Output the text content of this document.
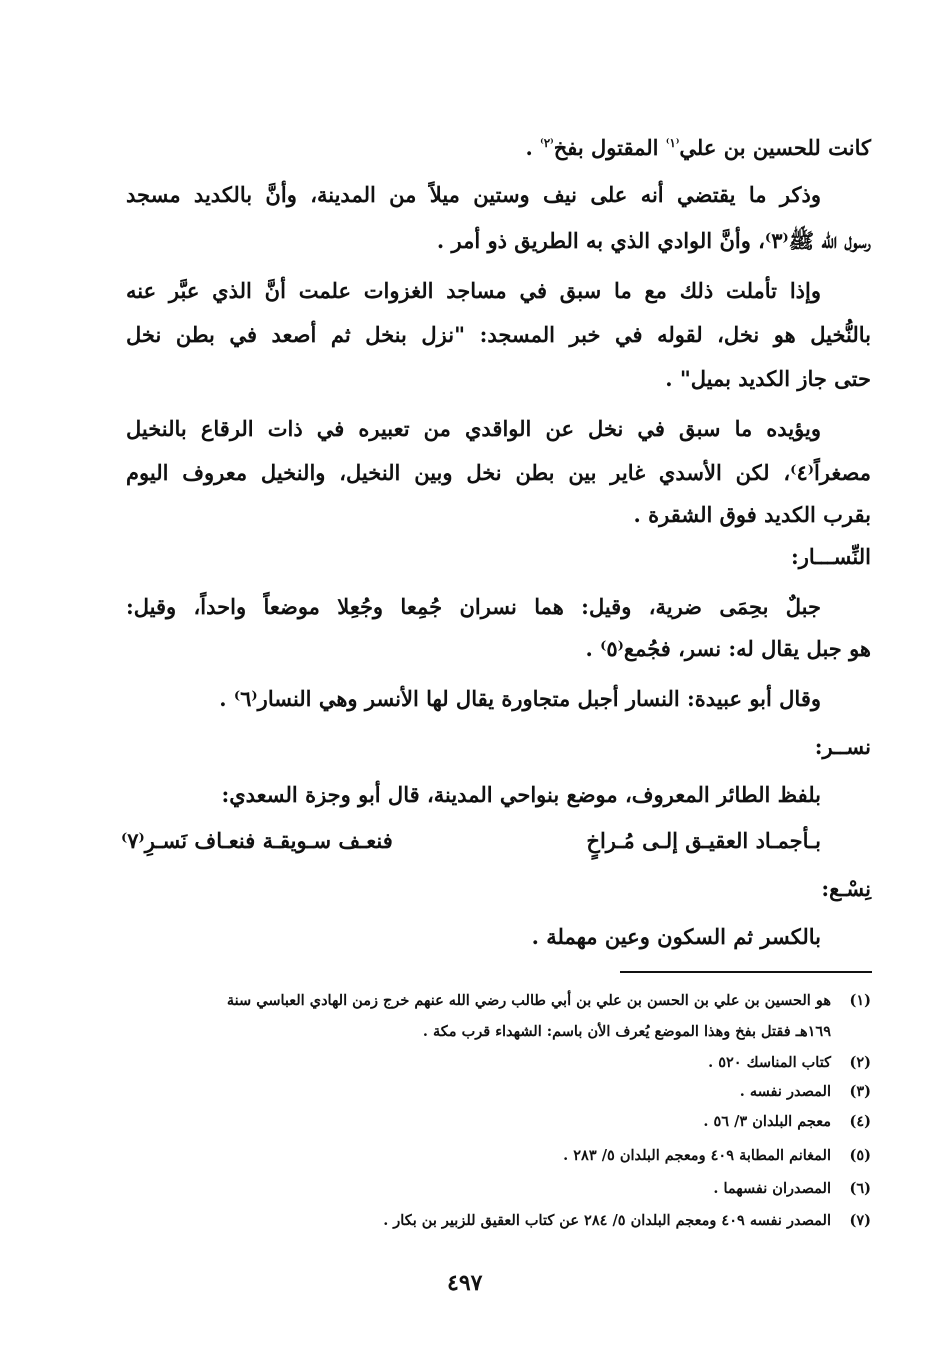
كانت للحسين بن علي$^{^(١^)}$ المقتول بفخ$^{^(٢^)}$ .
وذكر ما يقتضي أنه على نيف وستين ميلاً من المدينة، وأنَّ بالكديد مسجد
رسول الله ﷺ⁽٣⁾، وأنَّ الوادي الذي به الطريق ذو أمر .
وإذا تأملت ذلك مع ما سبق في مساجد الغزوات علمت أنَّ الذي عبَّر عنه
بالنُّخيل هو نخل، لقوله في خبر المسجد: "نزل بنخل ثم أصعد في بطن نخل
حتى جاز الكديد بميل" .
ويؤيده ما سبق في نخل عن الواقدي من تعبيره في ذات الرقاع بالنخيل
مصغراً⁽٤⁾، لكن الأسدي غاير بين بطن نخل وبين النخيل، والنخيل معروف اليوم
بقرب الكديد فوق الشقرة .
النِّســـار:
جبلٌ بحِمَى ضرية، وقيل: هما نسران جُمِعا وجُعِلا موضعاً واحداً، وقيل:
هو جبل يقال له: نسر، فجُمع⁽٥⁾ .
وقال أبو عبيدة: النسار أجبل متجاورة يقال لها الأنسر وهي النسار⁽٦⁾ .
نســر:
بلفظ الطائر المعروف، موضع بنواحي المدينة، قال أبو وجزة السعدي:
بـأجمـاد العقيـق إلـى مُـراخٍ
فنعـف سـويقـة فنعـاف نَسـرِ⁽٧⁾
نِسْـع:
بالكسر ثم السكون وعين مهملة .
(١)هو الحسين بن علي بن الحسن بن علي بن أبي طالب رضي الله عنهم خرج زمن الهادي العباسي سنة
١٦٩هـ فقتل بفخ وهذا الموضع يُعرف الأن باسم: الشهداء قرب مكة .
(٢)كتاب المناسك ٥٢٠ .
(٣)المصدر نفسه .
(٤)معجم البلدان ٣/ ٥٦ .
(٥)المغانم المطابة ٤٠٩ ومعجم البلدان ٥/ ٢٨٣ .
(٦)المصدران نفسهما .
(٧)المصدر نفسه ٤٠٩ ومعجم البلدان ٥/ ٢٨٤ عن كتاب العقيق للزبير بن بكار .
٤٩٧
